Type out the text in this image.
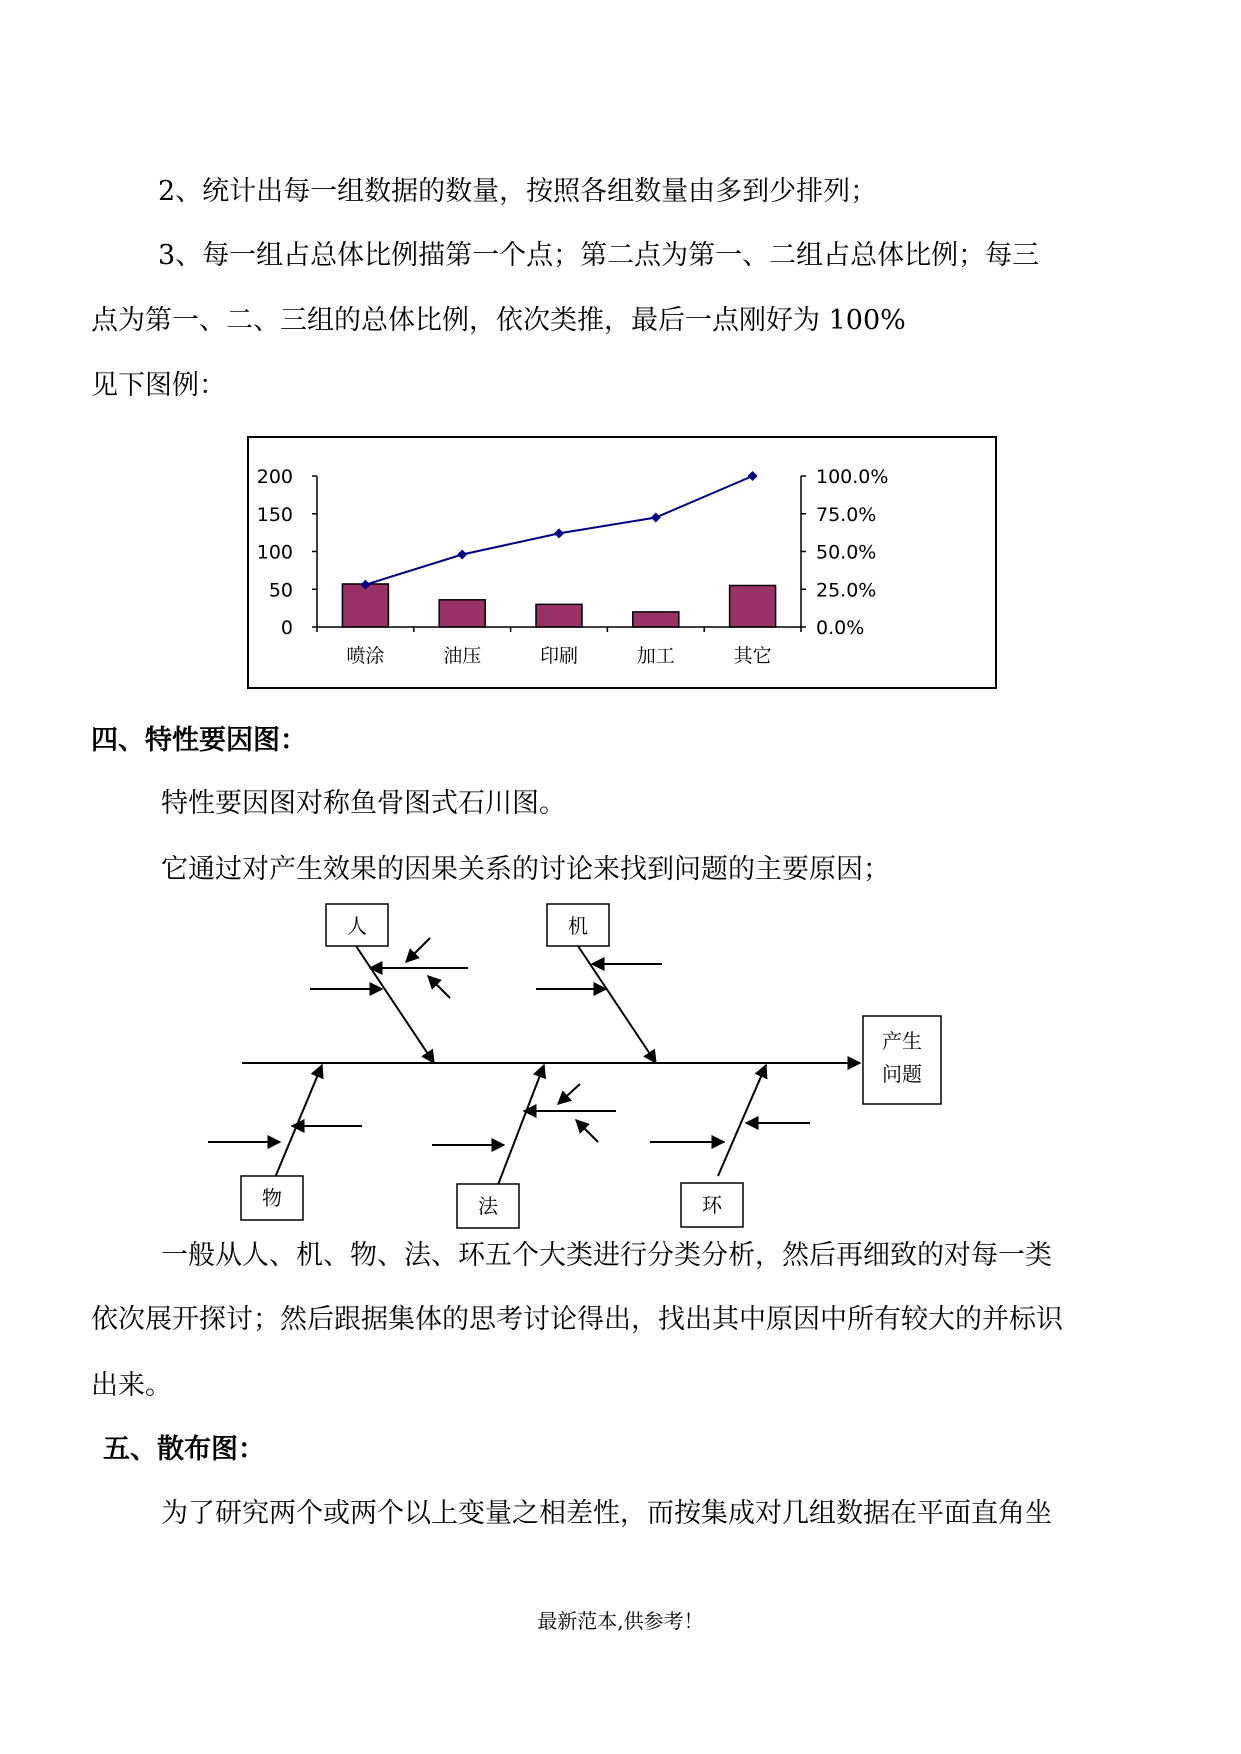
2、统计出每一组数据的数量，按照各组数量由多到少排列；
3、每一组占总体比例描第一个点；第二点为第一、二组占总体比例；每三
点为第一、二、三组的总体比例，依次类推，最后一点刚好为 100%
见下图例：
200
150
100
50
0
100.0%
75.0%
50.0%
25.0%
0.0%
喷涂	油压	印刷	加工	其它
四、特性要因图：
特性要因图对称鱼骨图式石川图。
它通过对产生效果的因果关系的讨论来找到问题的主要原因；
人	机
物	法	环
产生
问题
一般从人、机、物、法、环五个大类进行分类分析，然后再细致的对每一类
依次展开探讨；然后跟据集体的思考讨论得出，找出其中原因中所有较大的并标识
出来。
五、散布图：
为了研究两个或两个以上变量之相差性，而按集成对几组数据在平面直角坐
最新范本,供参考！
